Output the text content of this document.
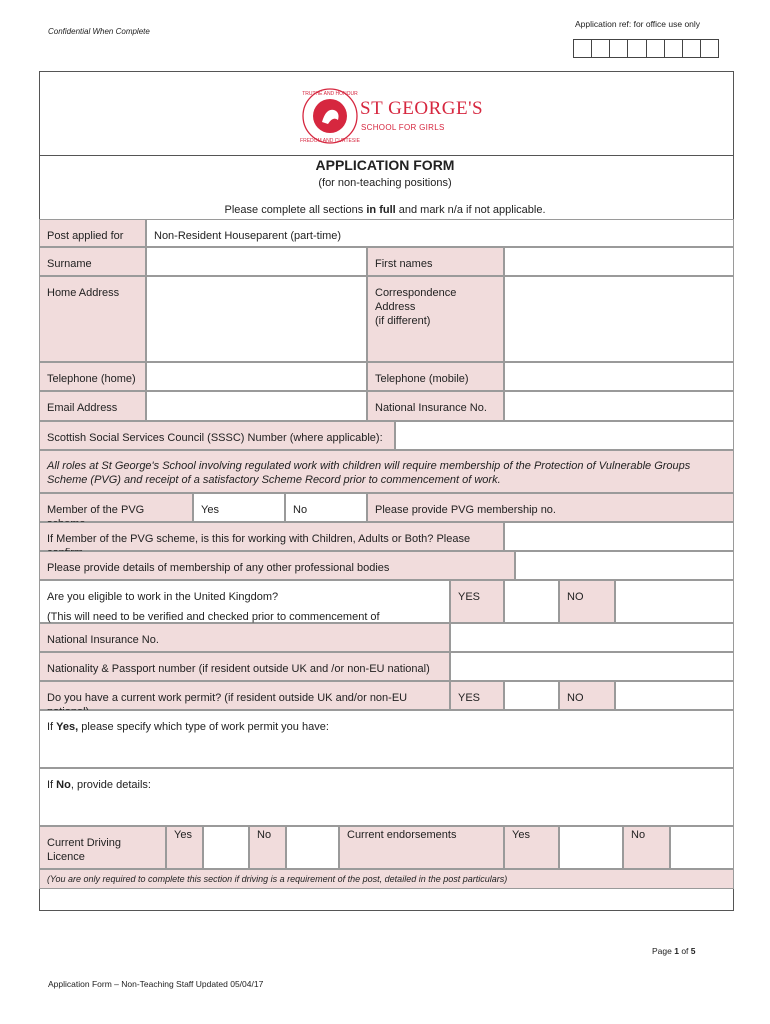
Confidential When Complete
Application ref: for office use only
TRUTHE AND HONOUR
FREDOM AND CURTESIE
ST GEORGE'S
SCHOOL FOR GIRLS
APPLICATION FORM
(for non-teaching positions)
Please complete all sections in full and mark n/a if not applicable.
Post applied for	Non-Resident Houseparent (part-time)
Surname	First names
Home Address	Correspondence Address
(if different)
Telephone (home)	Telephone (mobile)
Email Address	National Insurance No.
Scottish Social Services Council (SSSC) Number (where applicable):
All roles at St George's School involving regulated work with children will require membership of the Protection of Vulnerable Groups Scheme (PVG) and receipt of a satisfactory Scheme Record prior to commencement of work.
Member of the PVG	Yes	No	Please provide PVG membership no.
If Member of the PVG scheme, is this for working with Children, Adults or Both? Please
Please provide details of membership of any other professional bodies
Are you eligible to work in the United Kingdom?
(This will need to be verified and checked prior to commencement of
YES	NO
National Insurance No.
Nationality & Passport number (if resident outside UK and /or non-EU national)
Do you have a current work permit? (if resident outside UK and/or non-EU	YES	NO
If Yes, please specify which type of work permit you have:
If No, provide details:
Current Driving Licence
Yes	No	Current endorsements	Yes	No
(You are only required to complete this section if driving is a requirement of the post, detailed in the post particulars)
Page 1 of 5
Application Form – Non-Teaching Staff Updated 05/04/17
